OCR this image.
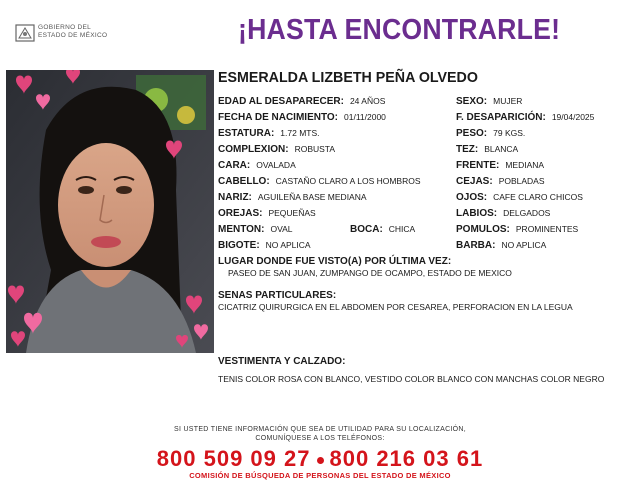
GOBIERNO DEL
ESTADO DE MÉXICO	¡HASTA ENCONTRARLE!
ESMERALDA LIZBETH PEÑA OLVEDO
EDAD AL DESAPARECER: 24 AÑOS
FECHA DE NACIMIENTO: 01/11/2000
ESTATURA: 1.72 MTS.
COMPLEXION: ROBUSTA
CARA: OVALADA
CABELLO: CASTAÑO CLARO A LOS HOMBROS
NARIZ: AGUILEÑA BASE MEDIANA
OREJAS: PEQUEÑAS
MENTON: OVAL	BOCA: CHICA
BIGOTE: NO APLICA
SEXO: MUJER
F. DESAPARICIÓN: 19/04/2025
PESO: 79 KGS.
TEZ: BLANCA
FRENTE: MEDIANA
CEJAS: POBLADAS
OJOS: CAFE CLARO CHICOS
LABIOS: DELGADOS
POMULOS: PROMINENTES
BARBA: NO APLICA
LUGAR DONDE FUE VISTO(A) POR ÚLTIMA VEZ:
PASEO DE SAN JUAN, ZUMPANGO DE OCAMPO, ESTADO DE MEXICO
SENAS PARTICULARES:
CICATRIZ QUIRURGICA EN EL ABDOMEN POR CESAREA, PERFORACION EN LA LEGUA
VESTIMENTA Y CALZADO:
TENIS COLOR ROSA CON BLANCO, VESTIDO COLOR BLANCO CON MANCHAS COLOR NEGRO
SI USTED TIENE INFORMACIÓN QUE SEA DE UTILIDAD PARA SU LOCALIZACIÓN,
COMUNÍQUESE A LOS TELÉFONOS:
800 509 09 27 800 216 03 61
COMISIÓN DE BÚSQUEDA DE PERSONAS DEL ESTADO DE MÉXICO
